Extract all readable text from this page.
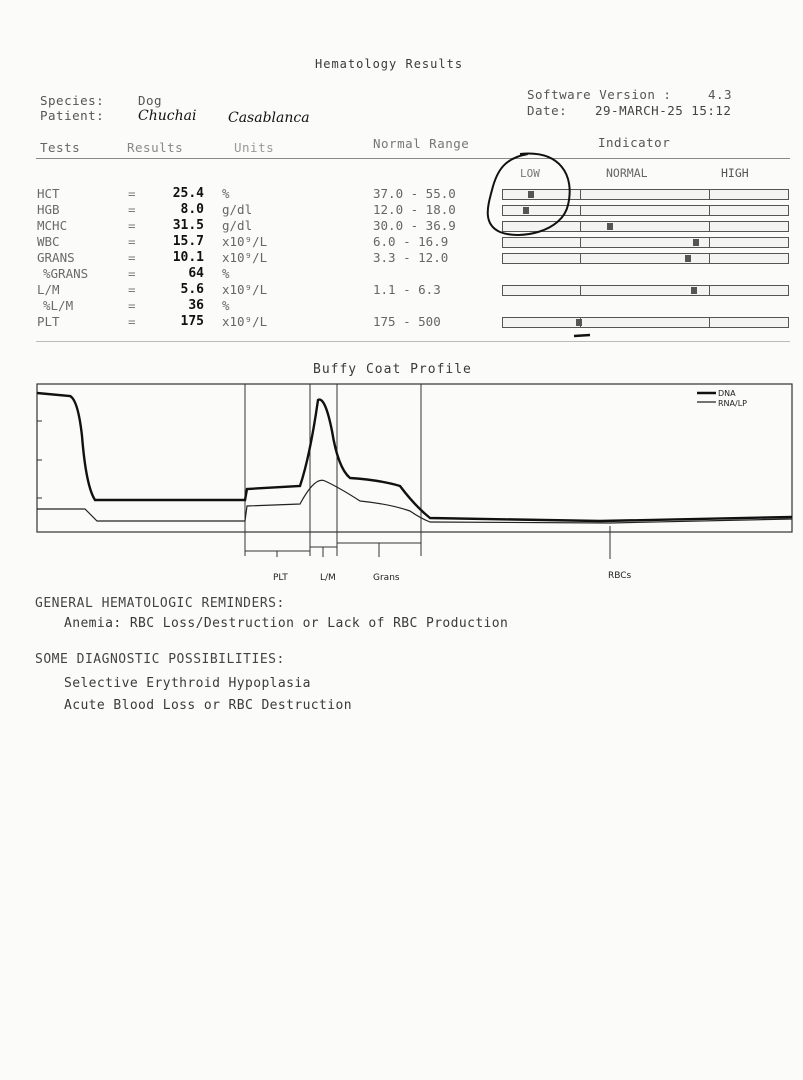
Hematology Results
Species:	Dog
Patient: Chuchai Casablanca
Software Version :	4.3
Date: 29-MARCH-25 15:12
Tests	Results	Units	Normal Range	Indicator
LOW	NORMAL	HIGH
HCT	=	25.4 %	37.0 - 55.0
HGB	=	8.0 g/dl	12.0 - 18.0
MCHC	=	31.5 g/dl	30.0 - 36.9
WBC	=	15.7 x10⁹/L	6.0 - 16.9
GRANS	=	10.1 x10⁹/L	3.3 - 12.0
%GRANS	=	64 %
L/M	=	5.6 x10⁹/L	1.1 - 6.3
%L/M	=	36 %
PLT	=	175 x10⁹/L	175 - 500
Buffy Coat Profile
DNA
RNA/LP
PLT	L/M	Grans	RBCs
GENERAL HEMATOLOGIC REMINDERS:
Anemia: RBC Loss/Destruction or Lack of RBC Production
SOME DIAGNOSTIC POSSIBILITIES:
Selective Erythroid Hypoplasia
Acute Blood Loss or RBC Destruction
